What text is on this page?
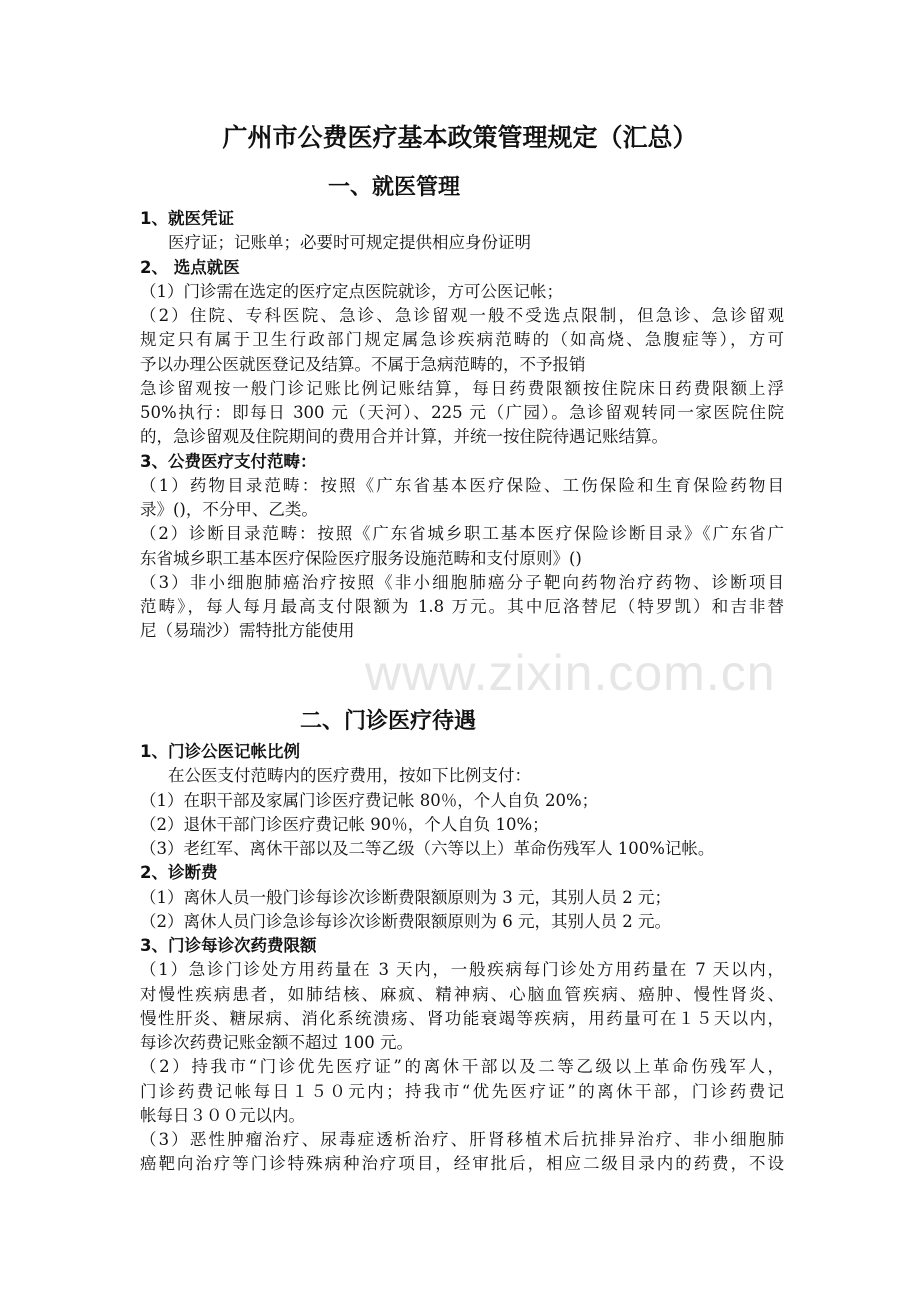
www.zixin.com.cn
广州市公费医疗基本政策管理规定（汇总）
一、就医管理
1、就医凭证
医疗证；记账单；必要时可规定提供相应身份证明
2、 选点就医
（1）门诊需在选定的医疗定点医院就诊，方可公医记帐；
（2）住院、专科医院、急诊、急诊留观一般不受选点限制，但急诊、急诊留观
规定只有属于卫生行政部门规定属急诊疾病范畴的（如高烧、急腹症等），方可
予以办理公医就医登记及结算。不属于急病范畴的，不予报销
急诊留观按一般门诊记账比例记账结算，每日药费限额按住院床日药费限额上浮
50%执行：即每日 300 元（天河）、225 元（广园）。急诊留观转同一家医院住院
的，急诊留观及住院期间的费用合并计算，并统一按住院待遇记账结算。
3、公费医疗支付范畴：
（1）药物目录范畴：按照《广东省基本医疗保险、工伤保险和生育保险药物目
录》()，不分甲、乙类。
（2）诊断目录范畴：按照《广东省城乡职工基本医疗保险诊断目录》《广东省广
东省城乡职工基本医疗保险医疗服务设施范畴和支付原则》()
（3）非小细胞肺癌治疗按照《非小细胞肺癌分子靶向药物治疗药物、诊断项目
范畴》，每人每月最高支付限额为 1.8 万元。其中厄洛替尼（特罗凯）和吉非替
尼（易瑞沙）需特批方能使用
二、门诊医疗待遇
1、门诊公医记帐比例
在公医支付范畴内的医疗费用，按如下比例支付：
（1）在职干部及家属门诊医疗费记帐 80％，个人自负 20%；
（2）退休干部门诊医疗费记帐 90％，个人自负 10%；
（3）老红军、离休干部以及二等乙级（六等以上）革命伤残军人 100%记帐。
2、诊断费
（1）离休人员一般门诊每诊次诊断费限额原则为 3 元，其别人员 2 元；
（2）离休人员门诊急诊每诊次诊断费限额原则为 6 元，其别人员 2 元。
3、门诊每诊次药费限额
（1）急诊门诊处方用药量在 3 天内，一般疾病每门诊处方用药量在 7 天以内，
对慢性疾病患者，如肺结核、麻疯、精神病、心脑血管疾病、癌肿、慢性肾炎、
慢性肝炎、糖尿病、消化系统溃疡、肾功能衰竭等疾病，用药量可在１５天以内，
每诊次药费记账金额不超过 100 元。
（2）持我市“门诊优先医疗证”的离休干部以及二等乙级以上革命伤残军人，
门诊药费记帐每日１５０元内；持我市“优先医疗证”的离休干部，门诊药费记
帐每日３００元以内。
（3）恶性肿瘤治疗、尿毒症透析治疗、肝肾移植术后抗排异治疗、非小细胞肺
癌靶向治疗等门诊特殊病种治疗项目，经审批后，相应二级目录内的药费，不设
